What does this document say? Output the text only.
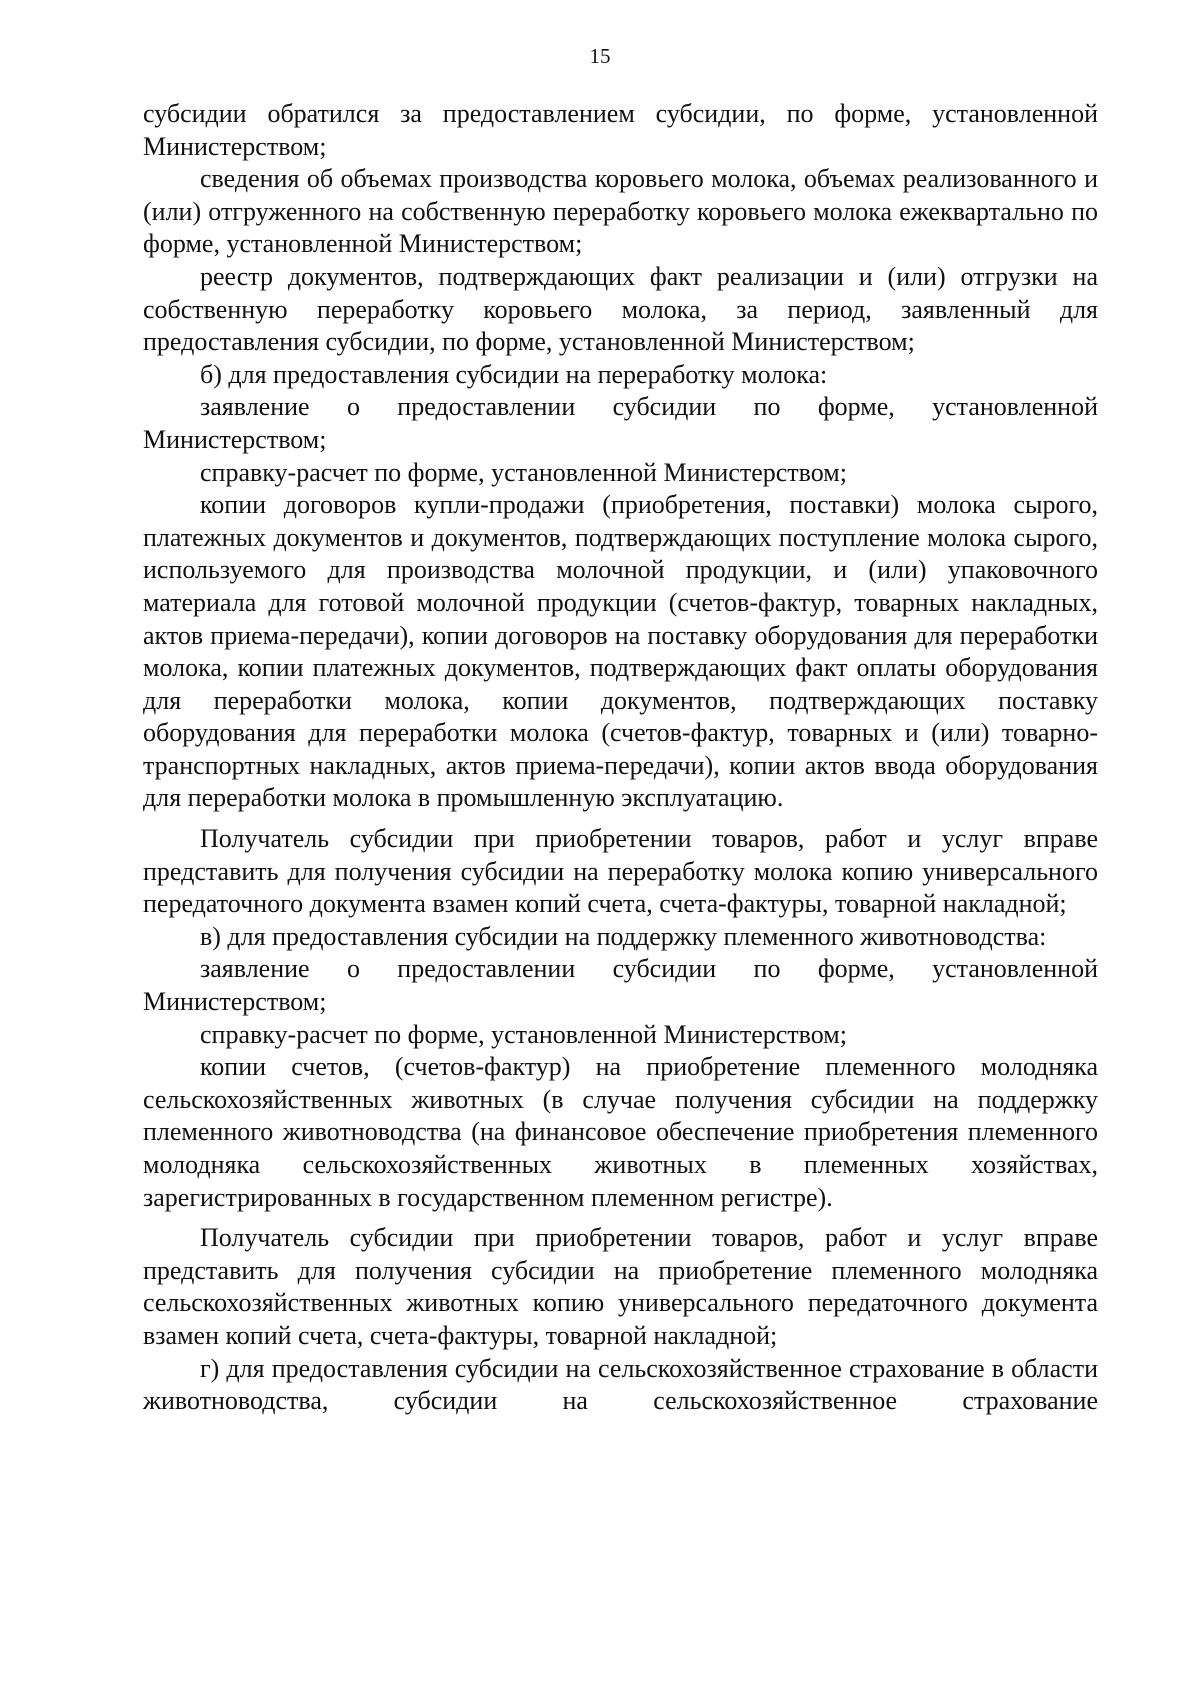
15

субсидии обратился за предоставлением субсидии, по форме, установленной Министерством;

сведения об объемах производства коровьего молока, объемах реализованного и (или) отгруженного на собственную переработку коровьего молока ежеквартально по форме, установленной Министерством;

реестр документов, подтверждающих факт реализации и (или) отгрузки на собственную переработку коровьего молока, за период, заявленный для предоставления субсидии, по форме, установленной Министерством;

б) для предоставления субсидии на переработку молока:

заявление о предоставлении субсидии по форме, установленной Министерством;

справку-расчет по форме, установленной Министерством;

копии договоров купли-продажи (приобретения, поставки) молока сырого, платежных документов и документов, подтверждающих поступление молока сырого, используемого для производства молочной продукции, и (или) упаковочного материала для готовой молочной продукции (счетов-фактур, товарных накладных, актов приема-передачи), копии договоров на поставку оборудования для переработки молока, копии платежных документов, подтверждающих факт оплаты оборудования для переработки молока, копии документов, подтверждающих поставку оборудования для переработки молока (счетов-фактур, товарных и (или) товарно-транспортных накладных, актов приема-передачи), копии актов ввода оборудования для переработки молока в промышленную эксплуатацию.

Получатель субсидии при приобретении товаров, работ и услуг вправе представить для получения субсидии на переработку молока копию универсального передаточного документа взамен копий счета, счета-фактуры, товарной накладной;

в) для предоставления субсидии на поддержку племенного животноводства:

заявление о предоставлении субсидии по форме, установленной Министерством;

справку-расчет по форме, установленной Министерством;

копии счетов, (счетов-фактур) на приобретение племенного молодняка сельскохозяйственных животных (в случае получения субсидии на поддержку племенного животноводства (на финансовое обеспечение приобретения племенного молодняка сельскохозяйственных животных в племенных хозяйствах, зарегистрированных в государственном племенном регистре).

Получатель субсидии при приобретении товаров, работ и услуг вправе представить для получения субсидии на приобретение племенного молодняка сельскохозяйственных животных копию универсального передаточного документа взамен копий счета, счета-фактуры, товарной накладной;

г) для предоставления субсидии на сельскохозяйственное страхование в области животноводства, субсидии на сельскохозяйственное страхование
